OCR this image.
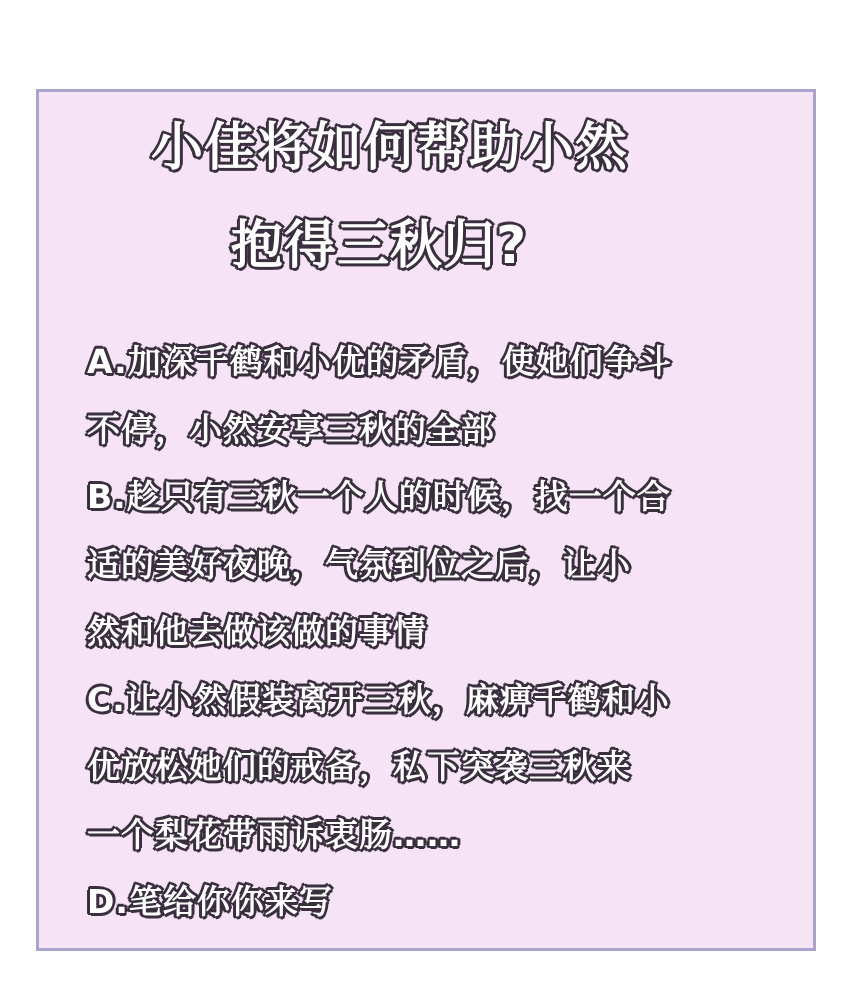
小佳将如何帮助小然
抱得三秋归?
A.加深千鹤和小优的矛盾，使她们争斗
不停，小然安享三秋的全部
B.趁只有三秋一个人的时候，找一个合
适的美好夜晚，气氛到位之后，让小
然和他去做该做的事情
C.让小然假装离开三秋，麻痹千鹤和小
优放松她们的戒备，私下突袭三秋来
一个梨花带雨诉衷肠……
D.笔给你你来写
